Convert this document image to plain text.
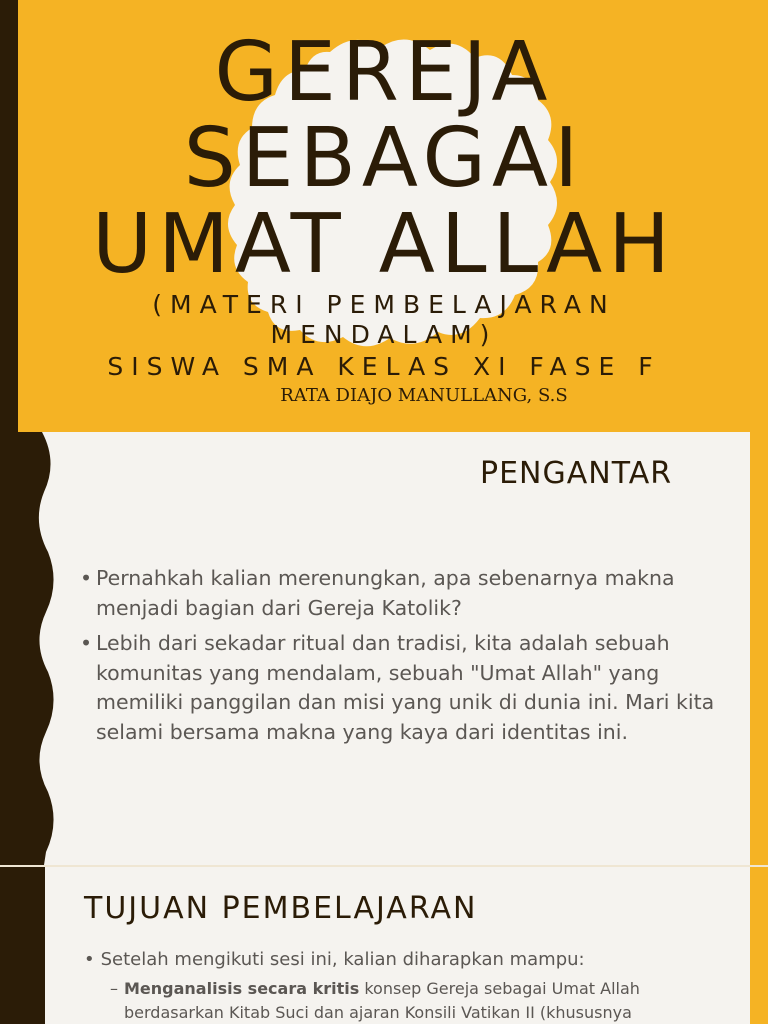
GEREJA
SEBAGAI
UMAT ALLAH
(MATERI PEMBELAJARAN
MENDALAM)
SISWA SMA KELAS XI FASE F
RATA DIAJO MANULLANG, S.S
PENGANTAR
• Pernahkah kalian merenungkan, apa sebenarnya makna menjadi bagian dari Gereja Katolik?
• Lebih dari sekadar ritual dan tradisi, kita adalah sebuah komunitas yang mendalam, sebuah "Umat Allah" yang memiliki panggilan dan misi yang unik di dunia ini. Mari kita selami bersama makna yang kaya dari identitas ini.
TUJUAN PEMBELAJARAN
• Setelah mengikuti sesi ini, kalian diharapkan mampu:
– Menganalisis secara kritis konsep Gereja sebagai Umat Allah berdasarkan Kitab Suci dan ajaran Konsili Vatikan II (khususnya
